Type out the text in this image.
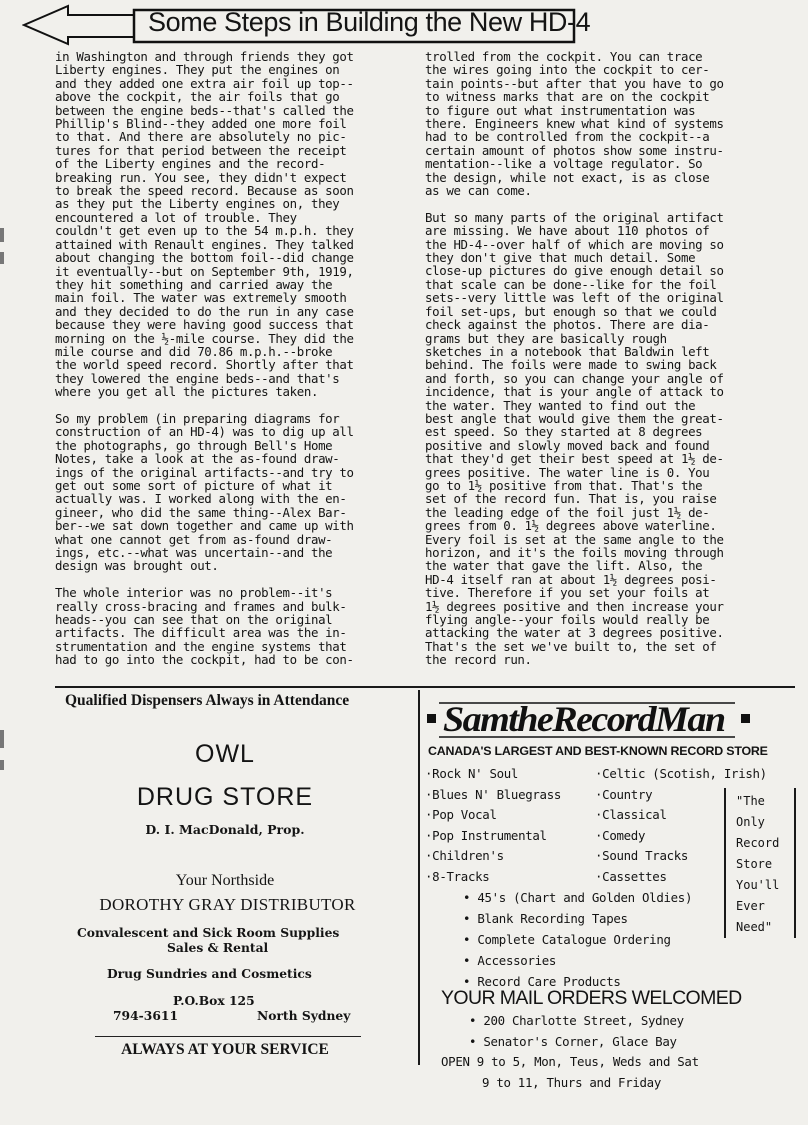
Some Steps in Building the New HD-4

in Washington and through friends they got
Liberty engines. They put the engines on
and they added one extra air foil up top--
above the cockpit, the air foils that go
between the engine beds--that's called the
Phillip's Blind--they added one more foil
to that. And there are absolutely no pic-
tures for that period between the receipt
of the Liberty engines and the record-
breaking run. You see, they didn't expect
to break the speed record. Because as soon
as they put the Liberty engines on, they
encountered a lot of trouble. They
couldn't get even up to the 54 m.p.h. they
attained with Renault engines. They talked
about changing the bottom foil--did change
it eventually--but on September 9th, 1919,
they hit something and carried away the
main foil. The water was extremely smooth
and they decided to do the run in any case
because they were having good success that
morning on the ½-mile course. They did the
mile course and did 70.86 m.p.h.--broke
the world speed record. Shortly after that
they lowered the engine beds--and that's
where you get all the pictures taken.

So my problem (in preparing diagrams for
construction of an HD-4) was to dig up all
the photographs, go through Bell's Home
Notes, take a look at the as-found draw-
ings of the original artifacts--and try to
get out some sort of picture of what it
actually was. I worked along with the en-
gineer, who did the same thing--Alex Bar-
ber--we sat down together and came up with
what one cannot get from as-found draw-
ings, etc.--what was uncertain--and the
design was brought out.

The whole interior was no problem--it's
really cross-bracing and frames and bulk-
heads--you can see that on the original
artifacts. The difficult area was the in-
strumentation and the engine systems that
had to go into the cockpit, had to be con-

trolled from the cockpit. You can trace
the wires going into the cockpit to cer-
tain points--but after that you have to go
to witness marks that are on the cockpit
to figure out what instrumentation was
there. Engineers knew what kind of systems
had to be controlled from the cockpit--a
certain amount of photos show some instru-
mentation--like a voltage regulator. So
the design, while not exact, is as close
as we can come.

But so many parts of the original artifact
are missing. We have about 110 photos of
the HD-4--over half of which are moving so
they don't give that much detail. Some
close-up pictures do give enough detail so
that scale can be done--like for the foil
sets--very little was left of the original
foil set-ups, but enough so that we could
check against the photos. There are dia-
grams but they are basically rough
sketches in a notebook that Baldwin left
behind. The foils were made to swing back
and forth, so you can change your angle of
incidence, that is your angle of attack to
the water. They wanted to find out the
best angle that would give them the great-
est speed. So they started at 8 degrees
positive and slowly moved back and found
that they'd get their best speed at 1½ de-
grees positive. The water line is 0. You
go to 1½ positive from that. That's the
set of the record fun. That is, you raise
the leading edge of the foil just 1½ de-
grees from 0. 1½ degrees above waterline.
Every foil is set at the same angle to the
horizon, and it's the foils moving through
the water that gave the lift. Also, the
HD-4 itself ran at about 1½ degrees posi-
tive. Therefore if you set your foils at
1½ degrees positive and then increase your
flying angle--your foils would really be
attacking the water at 3 degrees positive.
That's the set we've built to, the set of
the record run.

Qualified Dispensers Always in Attendance
OWL
DRUG STORE
D. I. MacDonald, Prop.
Your Northside
DOROTHY GRAY DISTRIBUTOR
Convalescent and Sick Room Supplies
Sales & Rental
Drug Sundries and Cosmetics
P.O.Box 125
794-3611	North Sydney
ALWAYS AT YOUR SERVICE
SamtheRecordMan
CANADA'S LARGEST AND BEST-KNOWN RECORD STORE
·Rock N' Soul
·Blues N' Bluegrass
·Pop Vocal
·Pop Instrumental
·Children's
·8-Tracks
·Celtic (Scotish, Irish)
·Country
·Classical
·Comedy
·Sound Tracks
·Cassettes
"The
Only
Record
Store
You'll
Ever
Need"
• 45's (Chart and Golden Oldies)
• Blank Recording Tapes
• Complete Catalogue Ordering
• Accessories
• Record Care Products
YOUR MAIL ORDERS WELCOMED
• 200 Charlotte Street, Sydney
• Senator's Corner, Glace Bay
OPEN 9 to 5, Mon, Teus, Weds and Sat
9 to 11, Thurs and Friday
